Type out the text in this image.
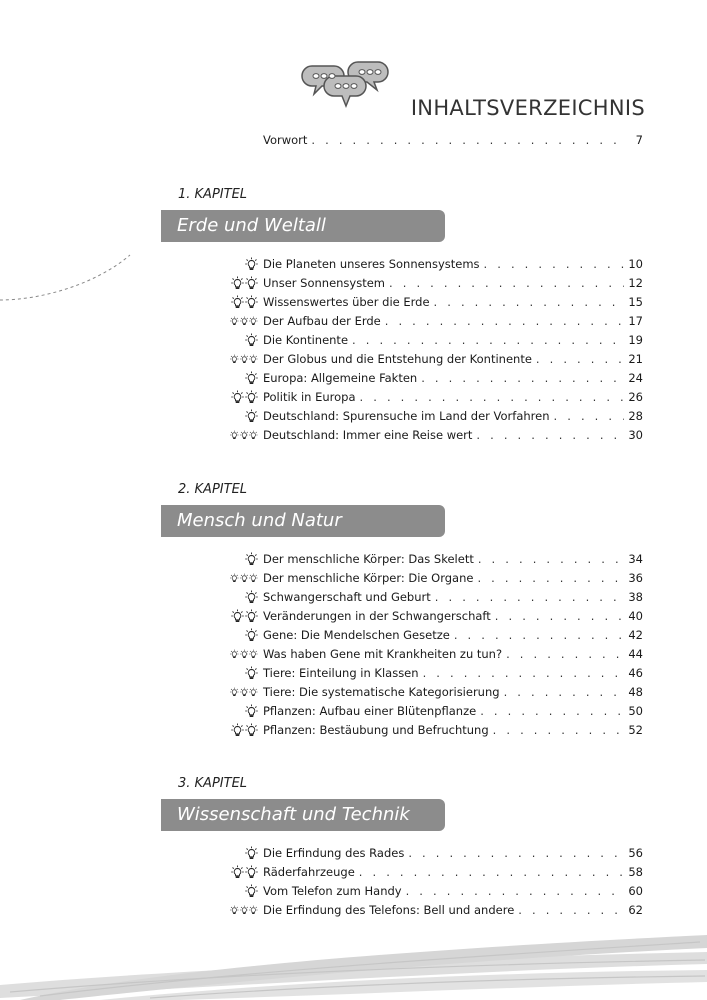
INHALTSVERZEICHNIS
Vorwort . . .	7
1. KAPITEL
Erde und Weltall
Die Planeten unseres Sonnensystems . . .	10
Unser Sonnensystem . . .	12
Wissenswertes über die Erde . . .	15
Der Aufbau der Erde . . .	17
Die Kontinente . . .	19
Der Globus und die Entstehung der Kontinente . . .	21
Europa: Allgemeine Fakten . . .	24
Politik in Europa . . .	26
Deutschland: Spurensuche im Land der Vorfahren . . .	28
Deutschland: Immer eine Reise wert . . .	30
2. KAPITEL
Mensch und Natur
Der menschliche Körper: Das Skelett . . .	34
Der menschliche Körper: Die Organe . . .	36
Schwangerschaft und Geburt . . .	38
Veränderungen in der Schwangerschaft . . .	40
Gene: Die Mendelschen Gesetze . . .	42
Was haben Gene mit Krankheiten zu tun? . . .	44
Tiere: Einteilung in Klassen . . .	46
Tiere: Die systematische Kategorisierung . . .	48
Pflanzen: Aufbau einer Blütenpflanze . . .	50
Pflanzen: Bestäubung und Befruchtung . . .	52
3. KAPITEL
Wissenschaft und Technik
Die Erfindung des Rades . . .	56
Räderfahrzeuge . . .	58
Vom Telefon zum Handy . . .	60
Die Erfindung des Telefons: Bell und andere . . .	62
